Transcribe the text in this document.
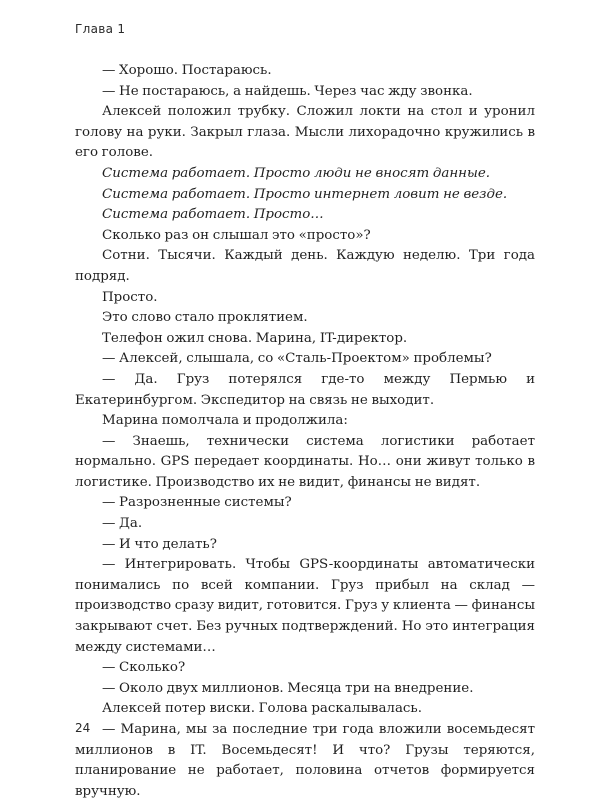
Глава 1

— Хорошо. Постараюсь.

— Не постараюсь, а найдешь. Через час жду звонка.

Алексей положил трубку. Сложил локти на стол и уронил голову на руки. Закрыл глаза. Мысли лихорадочно кружились в его голове.

Система работает. Просто люди не вносят данные.

Система работает. Просто интернет ловит не везде.

Система работает. Просто…

Сколько раз он слышал это «просто»?

Сотни. Тысячи. Каждый день. Каждую неделю. Три года подряд.

Просто.

Это слово стало проклятием.

Телефон ожил снова. Марина, IT-директор.

— Алексей, слышала, со «Сталь-Проектом» проблемы?

— Да. Груз потерялся где-то между Пермью и Екатеринбургом. Экспедитор на связь не выходит.

Марина помолчала и продолжила:

— Знаешь, технически система логистики работает нормально. GPS передает координаты. Но… они живут только в логистике. Производство их не видит, финансы не видят.

— Разрозненные системы?

— Да.

— И что делать?

— Интегрировать. Чтобы GPS-координаты автоматически понимались по всей компании. Груз прибыл на склад — производство сразу видит, готовится. Груз у клиента — финансы закрывают счет. Без ручных подтверждений. Но это интеграция между системами…

— Сколько?

— Около двух миллионов. Месяца три на внедрение.

Алексей потер виски. Голова раскалывалась.

— Марина, мы за последние три года вложили восемьдесят миллионов в IT. Восемьдесят! И что? Грузы теряются, планирование не работает, половина отчетов формируется вручную.

24
